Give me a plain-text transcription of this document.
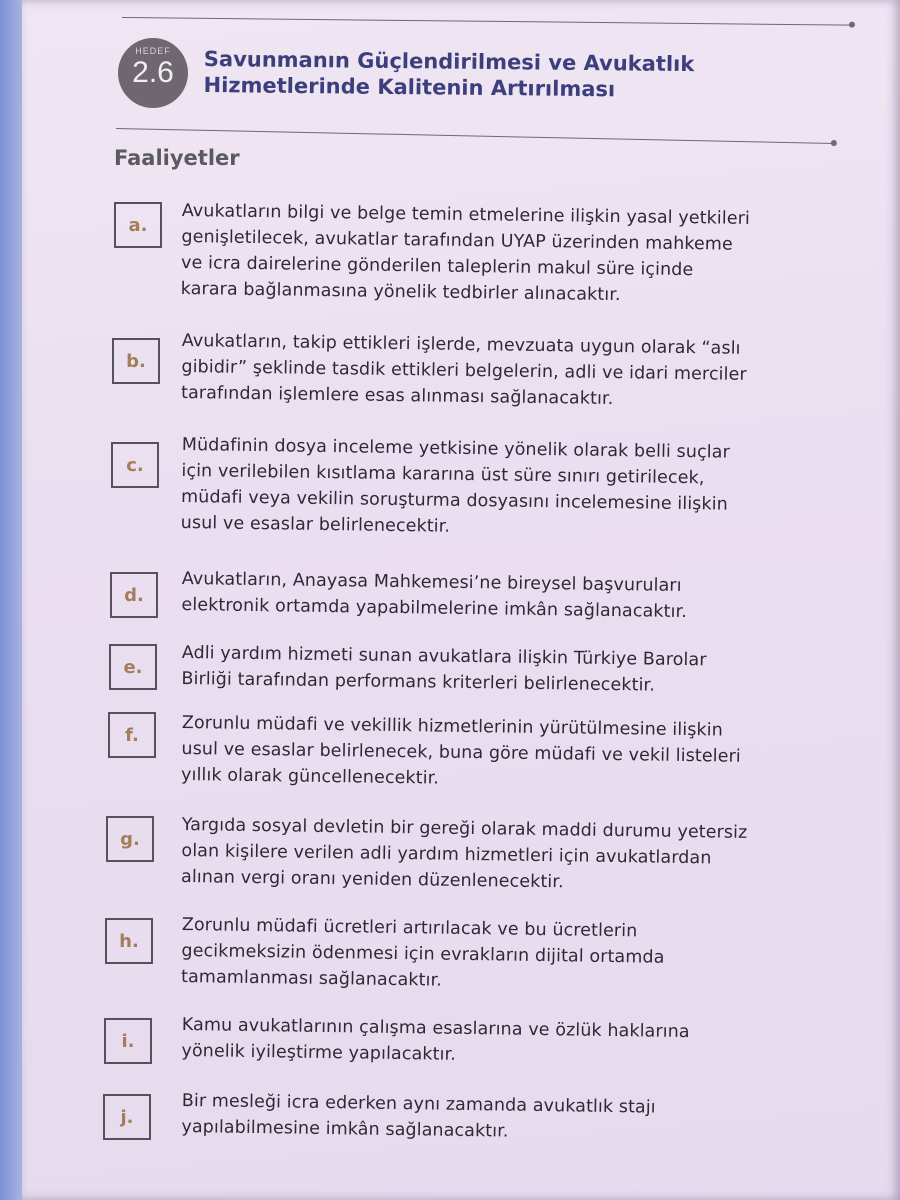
HEDEF
2.6	Savunmanın Güçlendirilmesi ve Avukatlık
Hizmetlerinde Kalitenin Artırılması
Faaliyetler
a.	Avukatların bilgi ve belge temin etmelerine ilişkin yasal yetkileri
genişletilecek, avukatlar tarafından UYAP üzerinden mahkeme
ve icra dairelerine gönderilen taleplerin makul süre içinde
karara bağlanmasına yönelik tedbirler alınacaktır.

b.

Avukatların, takip ettikleri işlerde, mevzuata uygun olarak “aslı
gibidir” şeklinde tasdik ettikleri belgelerin, adli ve idari merciler
tarafından işlemlere esas alınması sağlanacaktır.

c.

Müdafinin dosya inceleme yetkisine yönelik olarak belli suçlar
için verilebilen kısıtlama kararına üst süre sınırı getirilecek,
müdafi veya vekilin soruşturma dosyasını incelemesine ilişkin
usul ve esaslar belirlenecektir.

d.	Avukatların, Anayasa Mahkemesi’ne bireysel başvuruları
elektronik ortamda yapabilmelerine imkân sağlanacaktır.

e.	Adli yardım hizmeti sunan avukatlara ilişkin Türkiye Barolar
Birliği tarafından performans kriterleri belirlenecektir.

f.	Zorunlu müdafi ve vekillik hizmetlerinin yürütülmesine ilişkin
usul ve esaslar belirlenecek, buna göre müdafi ve vekil listeleri
yıllık olarak güncellenecektir.

g.	Yargıda sosyal devletin bir gereği olarak maddi durumu yetersiz
olan kişilere verilen adli yardım hizmetleri için avukatlardan
alınan vergi oranı yeniden düzenlenecektir.

h.	Zorunlu müdafi ücretleri artırılacak ve bu ücretlerin
gecikmeksizin ödenmesi için evrakların dijital ortamda
tamamlanması sağlanacaktır.

i.	Kamu avukatlarının çalışma esaslarına ve özlük haklarına
yönelik iyileştirme yapılacaktır.

j.	Bir mesleği icra ederken aynı zamanda avukatlık stajı
yapılabilmesine imkân sağlanacaktır.
